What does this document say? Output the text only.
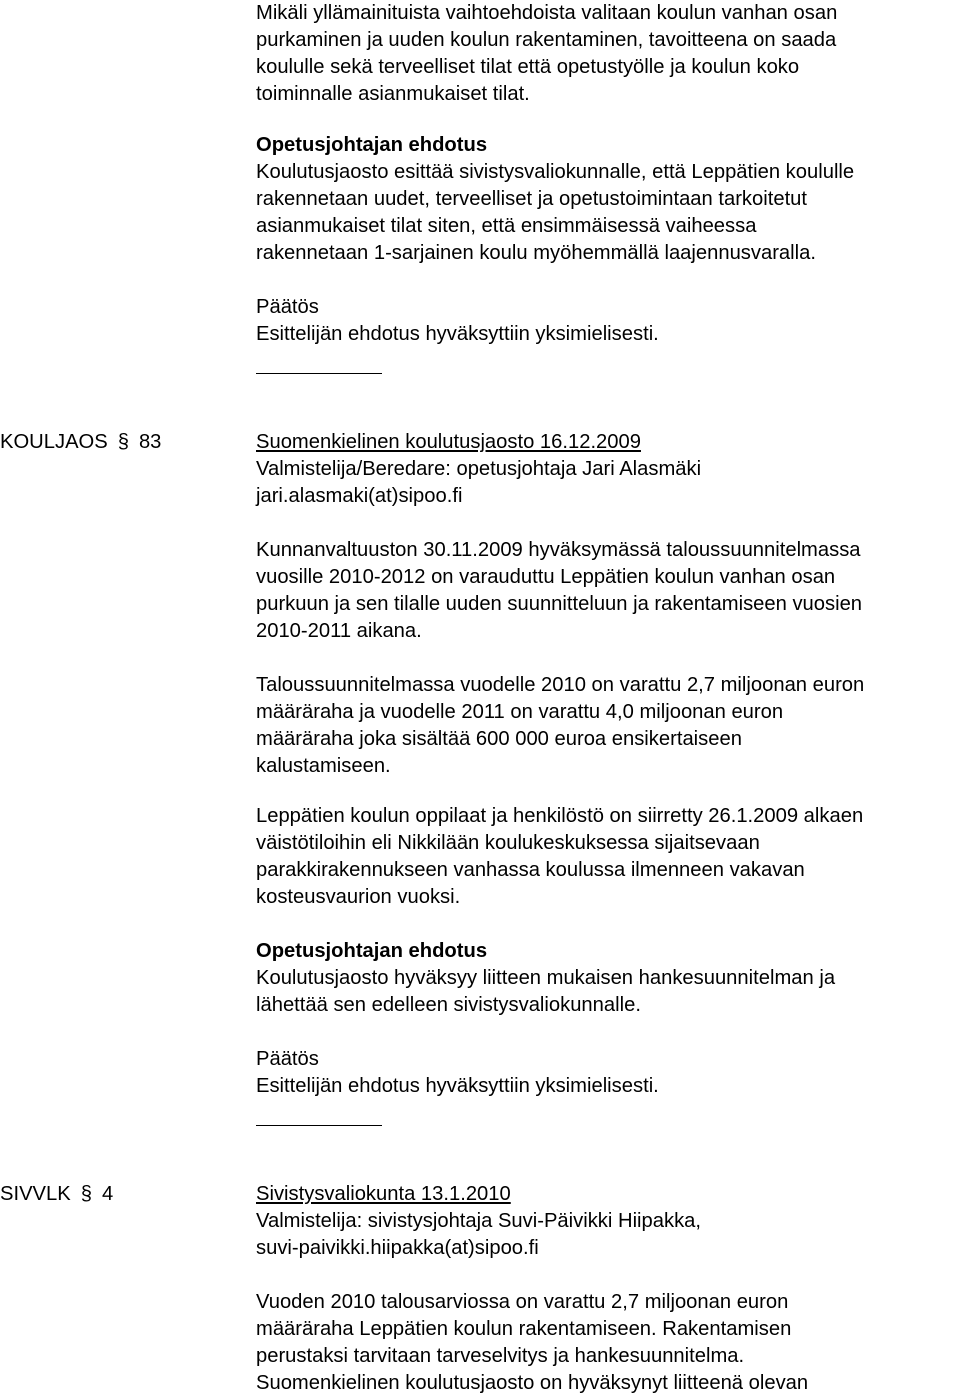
Mikäli yllämainituista vaihtoehdoista valitaan koulun vanhan osan
purkaminen ja uuden koulun rakentaminen, tavoitteena on saada
koululle sekä terveelliset tilat että opetustyölle ja koulun koko
toiminnalle asianmukaiset tilat.
Opetusjohtajan ehdotus
Koulutusjaosto esittää sivistysvaliokunnalle, että Leppätien koululle
rakennetaan uudet, terveelliset ja opetustoimintaan tarkoitetut
asianmukaiset tilat siten, että ensimmäisessä vaiheessa
rakennetaan 1-sarjainen koulu myöhemmällä laajennusvaralla.
Päätös
Esittelijän ehdotus hyväksyttiin yksimielisesti.
KOULJAOS § 83	Suomenkielinen koulutusjaosto 16.12.2009
Valmistelija/Beredare: opetusjohtaja Jari Alasmäki
jari.alasmaki(at)sipoo.fi
Kunnanvaltuuston 30.11.2009 hyväksymässä taloussuunnitelmassa
vuosille 2010-2012 on varauduttu Leppätien koulun vanhan osan
purkuun ja sen tilalle uuden suunnitteluun ja rakentamiseen vuosien
2010-2011 aikana.
Taloussuunnitelmassa vuodelle 2010 on varattu 2,7 miljoonan euron
määräraha ja vuodelle 2011 on varattu 4,0 miljoonan euron
määräraha joka sisältää 600 000 euroa ensikertaiseen
kalustamiseen.
Leppätien koulun oppilaat ja henkilöstö on siirretty 26.1.2009 alkaen
väistötiloihin eli Nikkilään koulukeskuksessa sijaitsevaan
parakkirakennukseen vanhassa koulussa ilmenneen vakavan
kosteusvaurion vuoksi.
Opetusjohtajan ehdotus
Koulutusjaosto hyväksyy liitteen mukaisen hankesuunnitelman ja
lähettää sen edelleen sivistysvaliokunnalle.
Päätös
Esittelijän ehdotus hyväksyttiin yksimielisesti.
SIVVLK § 4	Sivistysvaliokunta 13.1.2010
Valmistelija: sivistysjohtaja Suvi-Päivikki Hiipakka,
suvi-paivikki.hiipakka(at)sipoo.fi
Vuoden 2010 talousarviossa on varattu 2,7 miljoonan euron
määräraha Leppätien koulun rakentamiseen. Rakentamisen
perustaksi tarvitaan tarveselvitys ja hankesuunnitelma.
Suomenkielinen koulutusjaosto on hyväksynyt liitteenä olevan
